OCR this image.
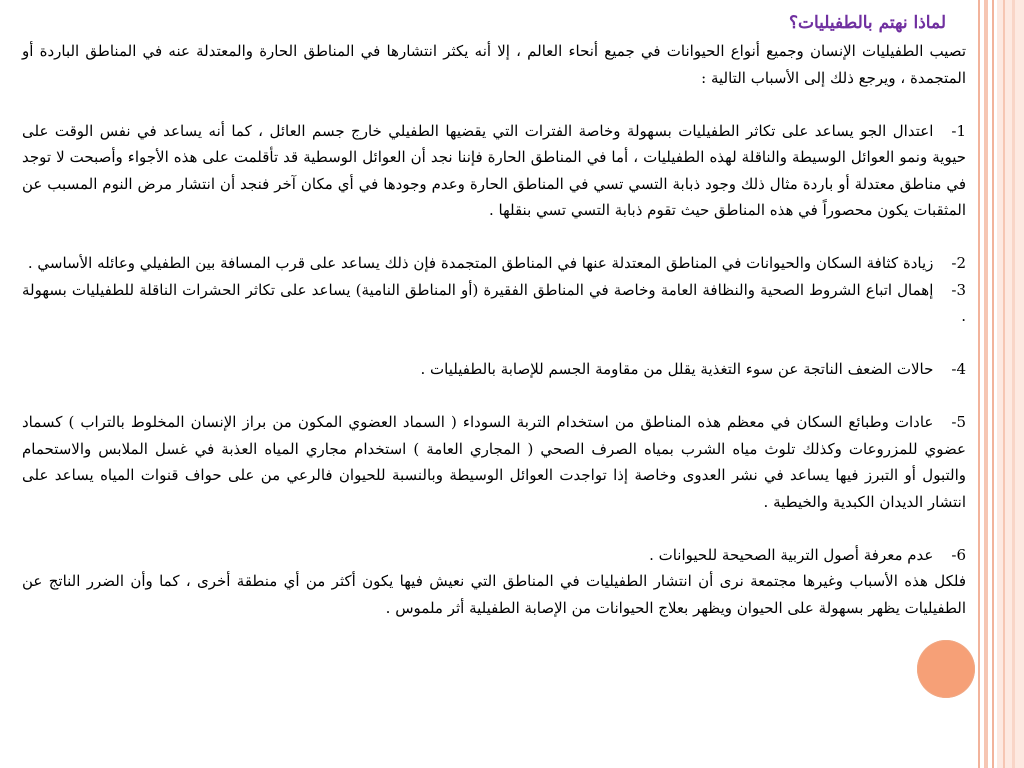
لماذا نهتم بالطفيليات؟

تصيب الطفيليات الإنسان وجميع أنواع الحيوانات في جميع أنحاء العالم ، إلا أنه يكثر انتشارها في المناطق الحارة والمعتدلة عنه في المناطق الباردة أو المتجمدة ، ويرجع ذلك إلى الأسباب التالية :

1-اعتدال الجو يساعد على تكاثر الطفيليات بسهولة وخاصة الفترات التي يقضيها الطفيلي خارج جسم العائل ، كما أنه يساعد في نفس الوقت على حيوية ونمو العوائل الوسيطة والناقلة لهذه الطفيليات ، أما في المناطق الحارة فإننا نجد أن العوائل الوسطية قد تأقلمت على هذه الأجواء وأصبحت لا توجد في مناطق معتدلة أو باردة مثال ذلك وجود ذبابة التسي تسي في المناطق الحارة وعدم وجودها في أي مكان آخر فنجد أن انتشار مرض النوم المسبب عن المثقبات يكون محصوراً في هذه المناطق حيث تقوم ذبابة التسي تسي بنقلها .

2-زيادة كثافة السكان والحيوانات في المناطق المعتدلة عنها في المناطق المتجمدة فإن ذلك يساعد على قرب المسافة بين الطفيلي وعائله الأساسي .

3-إهمال اتباع الشروط الصحية والنظافة العامة وخاصة في المناطق الفقيرة (أو المناطق النامية) يساعد على تكاثر الحشرات الناقلة للطفيليات بسهولة .

4-حالات الضعف الناتجة عن سوء التغذية يقلل من مقاومة الجسم للإصابة بالطفيليات .

5-عادات وطبائع السكان في معظم هذه المناطق من استخدام التربة السوداء ( السماد العضوي المكون من براز الإنسان المخلوط بالتراب ) كسماد عضوي للمزروعات وكذلك تلوث مياه الشرب بمياه الصرف الصحي ( المجاري العامة ) استخدام مجاري المياه العذبة في غسل الملابس والاستحمام والتبول أو التبرز فيها يساعد في نشر العدوى وخاصة إذا تواجدت العوائل الوسيطة وبالنسبة للحيوان فالرعي من على حواف قنوات المياه يساعد على انتشار الديدان الكبدية والخيطية .

6-عدم معرفة أصول التربية الصحيحة للحيوانات .

فلكل هذه الأسباب وغيرها مجتمعة نرى أن انتشار الطفيليات في المناطق التي نعيش فيها يكون أكثر من أي منطقة أخرى ، كما وأن الضرر الناتج عن الطفيليات يظهر بسهولة على الحيوان ويظهر بعلاج الحيوانات من الإصابة الطفيلية أثر ملموس .
